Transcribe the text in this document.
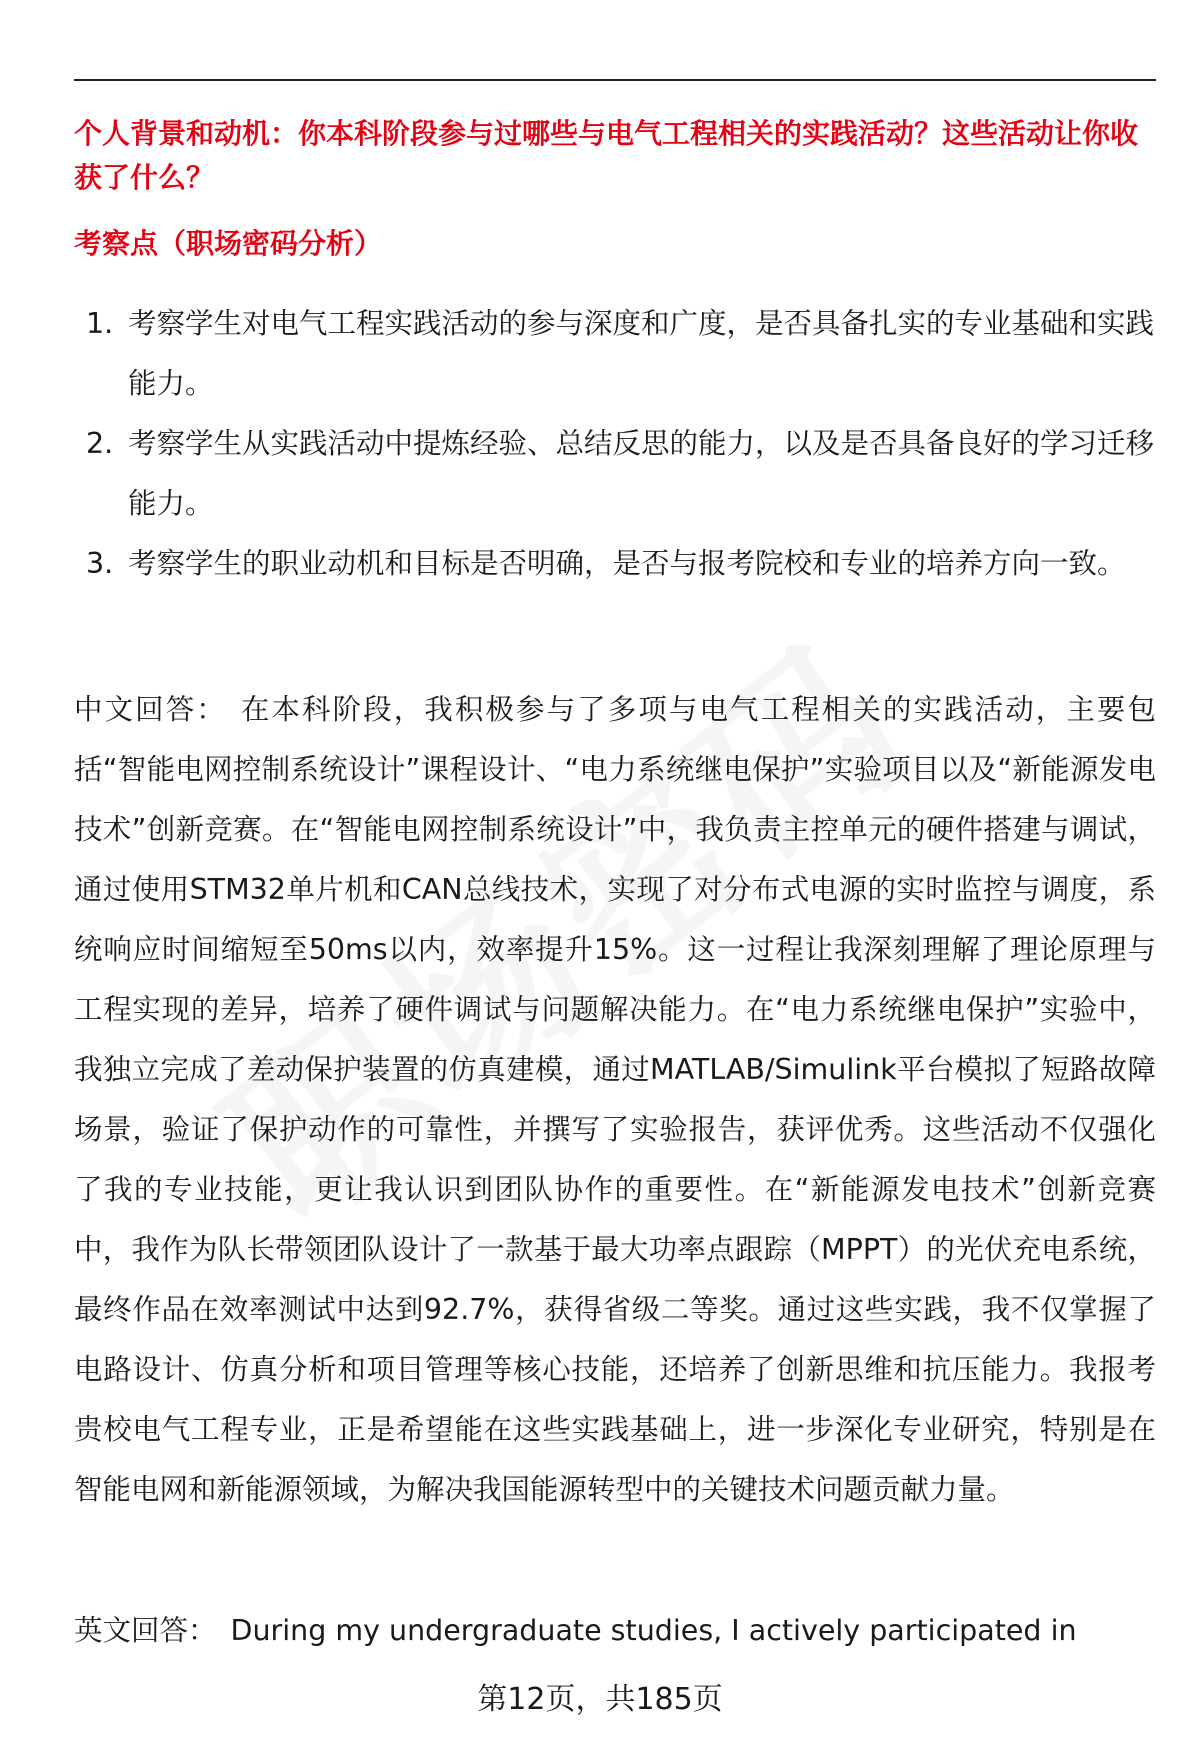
个人背景和动机：你本科阶段参与过哪些与电气工程相关的实践活动？这些活动让你收获了什么？

考察点（职场密码分析）

1. 考察学生对电气工程实践活动的参与深度和广度，是否具备扎实的专业基础和实践能力。
2. 考察学生从实践活动中提炼经验、总结反思的能力，以及是否具备良好的学习迁移能力。
3. 考察学生的职业动机和目标是否明确，是否与报考院校和专业的培养方向一致。

中文回答： 在本科阶段，我积极参与了多项与电气工程相关的实践活动，主要包括“智能电网控制系统设计”课程设计、“电力系统继电保护”实验项目以及“新能源发电技术”创新竞赛。在“智能电网控制系统设计”中，我负责主控单元的硬件搭建与调试，通过使用STM32单片机和CAN总线技术，实现了对分布式电源的实时监控与调度，系统响应时间缩短至50ms以内，效率提升15%。这一过程让我深刻理解了理论原理与工程实现的差异，培养了硬件调试与问题解决能力。在“电力系统继电保护”实验中，我独立完成了差动保护装置的仿真建模，通过MATLAB/Simulink平台模拟了短路故障场景，验证了保护动作的可靠性，并撰写了实验报告，获评优秀。这些活动不仅强化了我的专业技能，更让我认识到团队协作的重要性。在“新能源发电技术”创新竞赛中，我作为队长带领团队设计了一款基于最大功率点跟踪（MPPT）的光伏充电系统，最终作品在效率测试中达到92.7%，获得省级二等奖。通过这些实践，我不仅掌握了电路设计、仿真分析和项目管理等核心技能，还培养了创新思维和抗压能力。我报考贵校电气工程专业，正是希望能在这些实践基础上，进一步深化专业研究，特别是在智能电网和新能源领域，为解决我国能源转型中的关键技术问题贡献力量。

英文回答： During my undergraduate studies, I actively participated in

第12页，共185页
